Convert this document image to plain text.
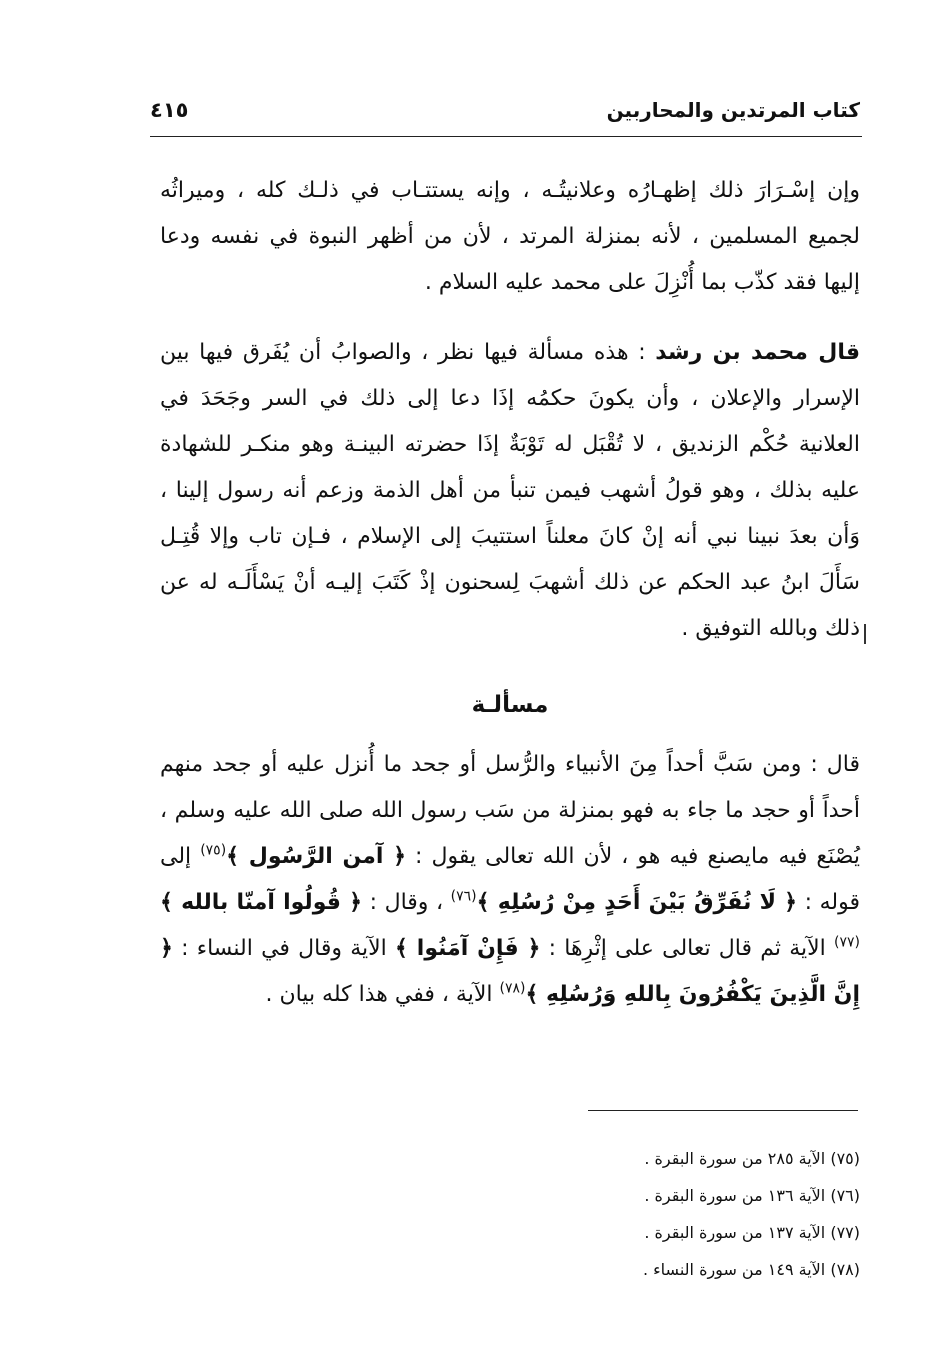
كتاب المرتدين والمحاربين
٤١٥
وإن إسْـرَارَ ذلك إظهـارُه وعلانيتُـه ، وإنه يستتـاب في ذلـك كله ، وميراثُه لجميع المسلمين ، لأنه بمنزلة المرتد ، لأن من أظهر النبوة في نفسه ودعا إليها فقد كذّب بما أُنْزِلَ على محمد عليه السلام .
قال محمد بن رشد : هذه مسألة فيها نظر ، والصوابُ أن يُفَرق فيها بين الإسرار والإعلان ، وأن يكونَ حكمُه إذَا دعا إلى ذلك في السر وجَحَدَ في العلانية حُكْم الزنديق ، لا تُقْبَل له تَوْبَةٌ إذَا حضرته البينـة وهو منكـر للشهادة عليه بذلك ، وهو قولُ أشهب فيمن تنبأ من أهل الذمة وزعم أنه رسول إلينا ، وَأن بعدَ نبينا نبي أنه إنْ كانَ معلناً استتيبَ إلى الإسلام ، فـإن تاب وإلا قُتِـل سَأَلَ ابنُ عبد الحكم عن ذلك أشهبَ لِسحنون إذْ كَتَبَ إليـه أنْ يَسْأَلَـه له عن ذلك وبالله التوفيق .
مسألـة
قال : ومن سَبَّ أحداً مِنَ الأنبياء والرُّسل أو جحد ما أُنزل عليه أو جحد منهم أحداً أو حجد ما جاء به فهو بمنزلة من سَب رسول الله صلى الله عليه وسلم ، يُصْنَع فيه مايصنع فيه هو ، لأن الله تعالى يقول : ﴿ آمن الرَّسُول ﴾$^{(٧٥)}$ إلى قوله : ﴿ لَا نُفَرِّقُ بَيْنَ أَحَدٍ مِنْ رُسُلِهِ ﴾$^{(٧٦)}$ ، وقال : ﴿ قُولُوا آمنّا بالله ﴾$^{(٧٧)}$ الآية ثم قال تعالى على إثْرِهَا : ﴿ فَإِنْ آمَنُوا ﴾ الآية وقال في النساء : ﴿ إِنَّ الَّذِينَ يَكْفُرُونَ بِاللهِ وَرُسُلِهِ ﴾$^{(٧٨)}$ الآية ، ففي هذا كله بيان .
(٧٥) الآية ٢٨٥ من سورة البقرة .
(٧٦) الآية ١٣٦ من سورة البقرة .
(٧٧) الآية ١٣٧ من سورة البقرة .
(٧٨) الآية ١٤٩ من سورة النساء .
